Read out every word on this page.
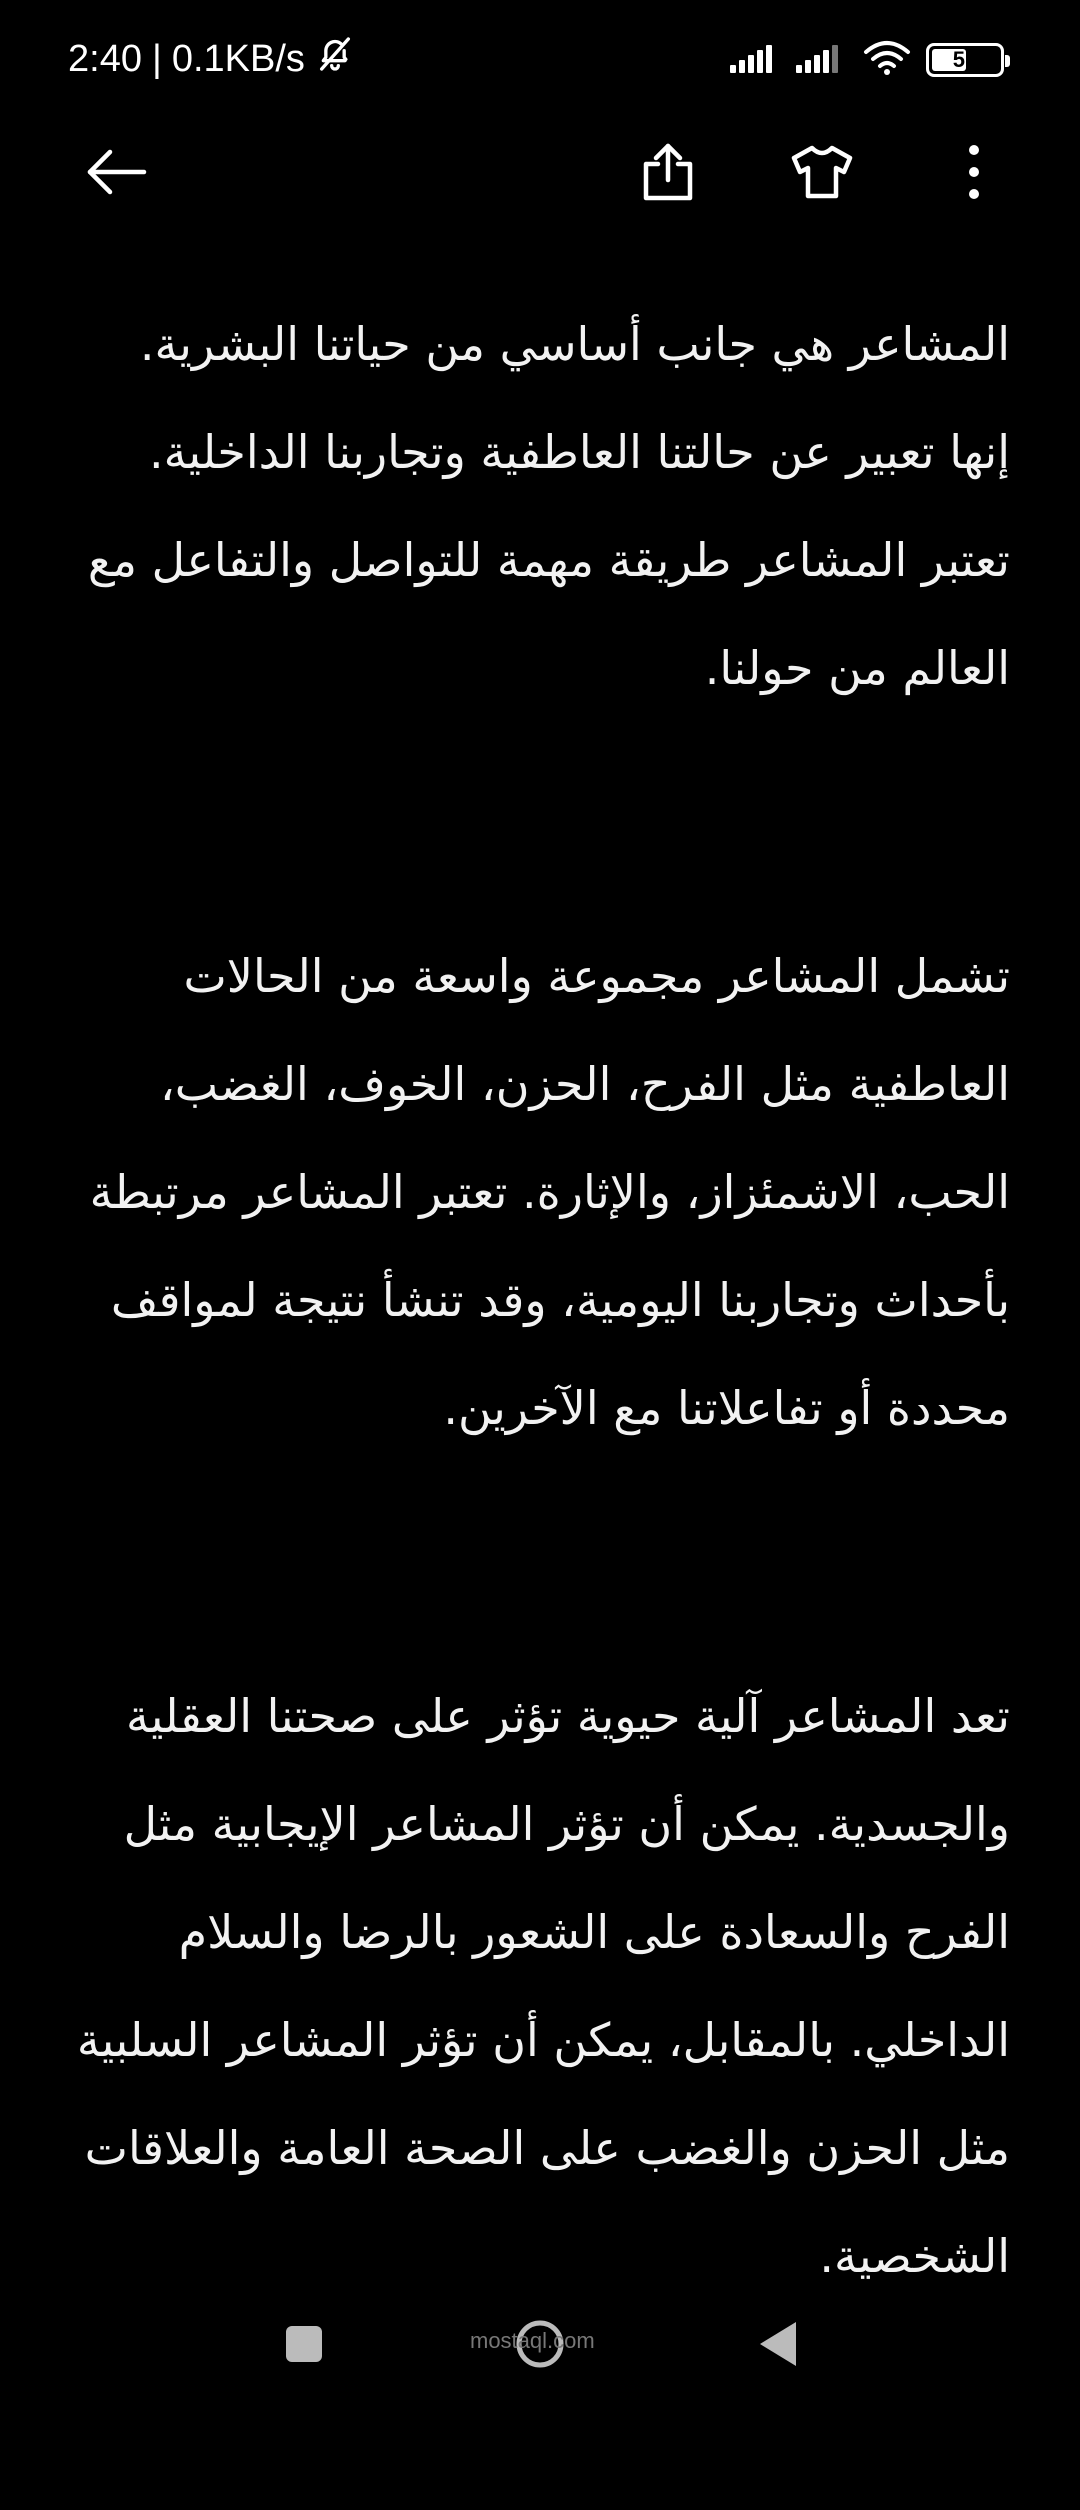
2:40 | 0.1KB/s	51

المشاعر هي جانب أساسي من حياتنا البشرية. إنها تعبير عن حالتنا العاطفية وتجاربنا الداخلية. تعتبر المشاعر طريقة مهمة للتواصل والتفاعل مع العالم من حولنا.

تشمل المشاعر مجموعة واسعة من الحالات العاطفية مثل الفرح، الحزن، الخوف، الغضب، الحب، الاشمئزاز، والإثارة. تعتبر المشاعر مرتبطة بأحداث وتجاربنا اليومية، وقد تنشأ نتيجة لمواقف محددة أو تفاعلاتنا مع الآخرين.

تعد المشاعر آلية حيوية تؤثر على صحتنا العقلية والجسدية. يمكن أن تؤثر المشاعر الإيجابية مثل الفرح والسعادة على الشعور بالرضا والسلام الداخلي. بالمقابل، يمكن أن تؤثر المشاعر السلبية مثل الحزن والغضب على الصحة العامة والعلاقات الشخصية.

mostaql.com
